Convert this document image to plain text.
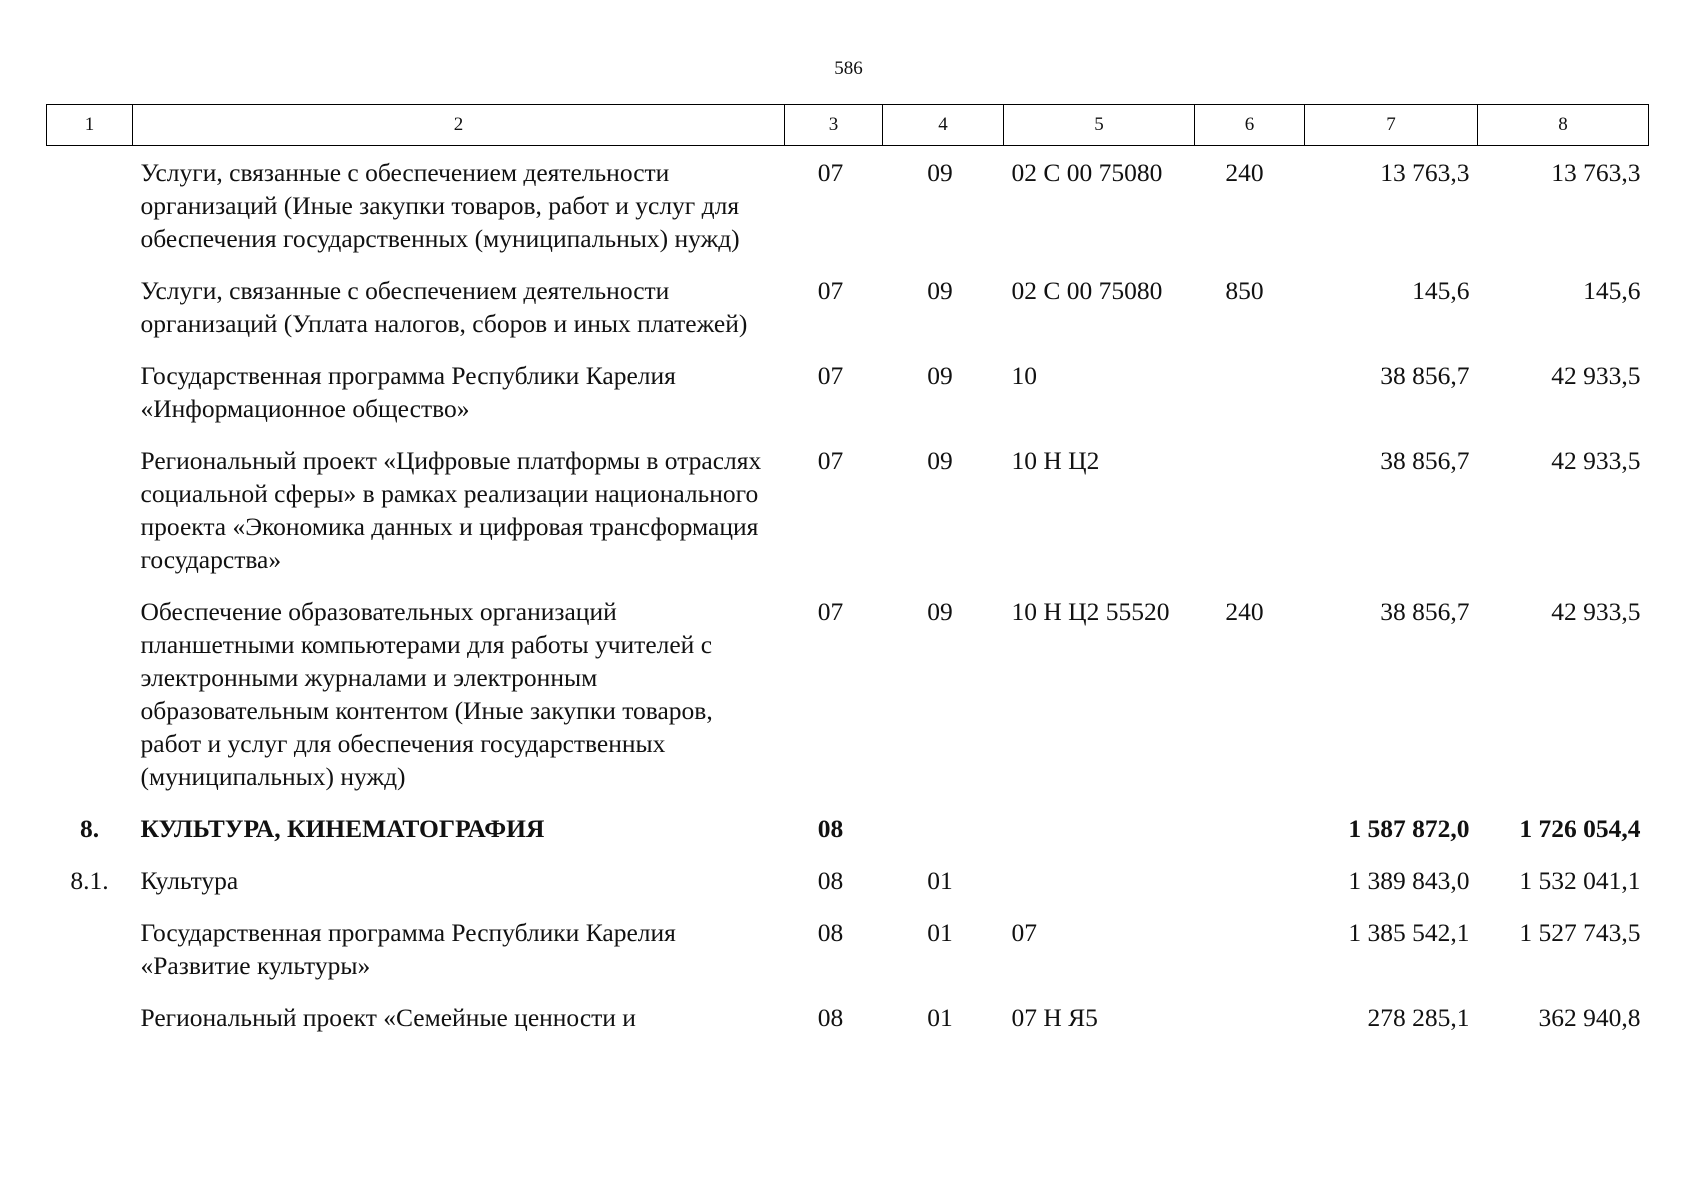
586
1	2	3	4	5	6	7	8
	Услуги, связанные с обеспечением деятельности организаций (Иные закупки товаров, работ и услуг для обеспечения государственных (муниципальных) нужд)	07	09	02 С 00 75080	240	13 763,3	13 763,3
	Услуги, связанные с обеспечением деятельности организаций (Уплата налогов, сборов и иных платежей)	07	09	02 С 00 75080	850	145,6	145,6
	Государственная программа Республики Карелия «Информационное общество»	07	09	10		38 856,7	42 933,5
	Региональный проект «Цифровые платформы в отраслях социальной сферы» в рамках реализации национального проекта «Экономика данных и цифровая трансформация государства»	07	09	10 Н Ц2		38 856,7	42 933,5
	Обеспечение образовательных организаций планшетными компьютерами для работы учителей с электронными журналами и электронным образовательным контентом (Иные закупки товаров, работ и услуг для обеспечения государственных (муниципальных) нужд)	07	09	10 Н Ц2 55520	240	38 856,7	42 933,5
8.	КУЛЬТУРА, КИНЕМАТОГРАФИЯ	08				1 587 872,0	1 726 054,4
8.1.	Культура	08	01			1 389 843,0	1 532 041,1
	Государственная программа Республики Карелия «Развитие культуры»	08	01	07		1 385 542,1	1 527 743,5
	Региональный проект «Семейные ценности и	08	01	07 Н Я5		278 285,1	362 940,8
